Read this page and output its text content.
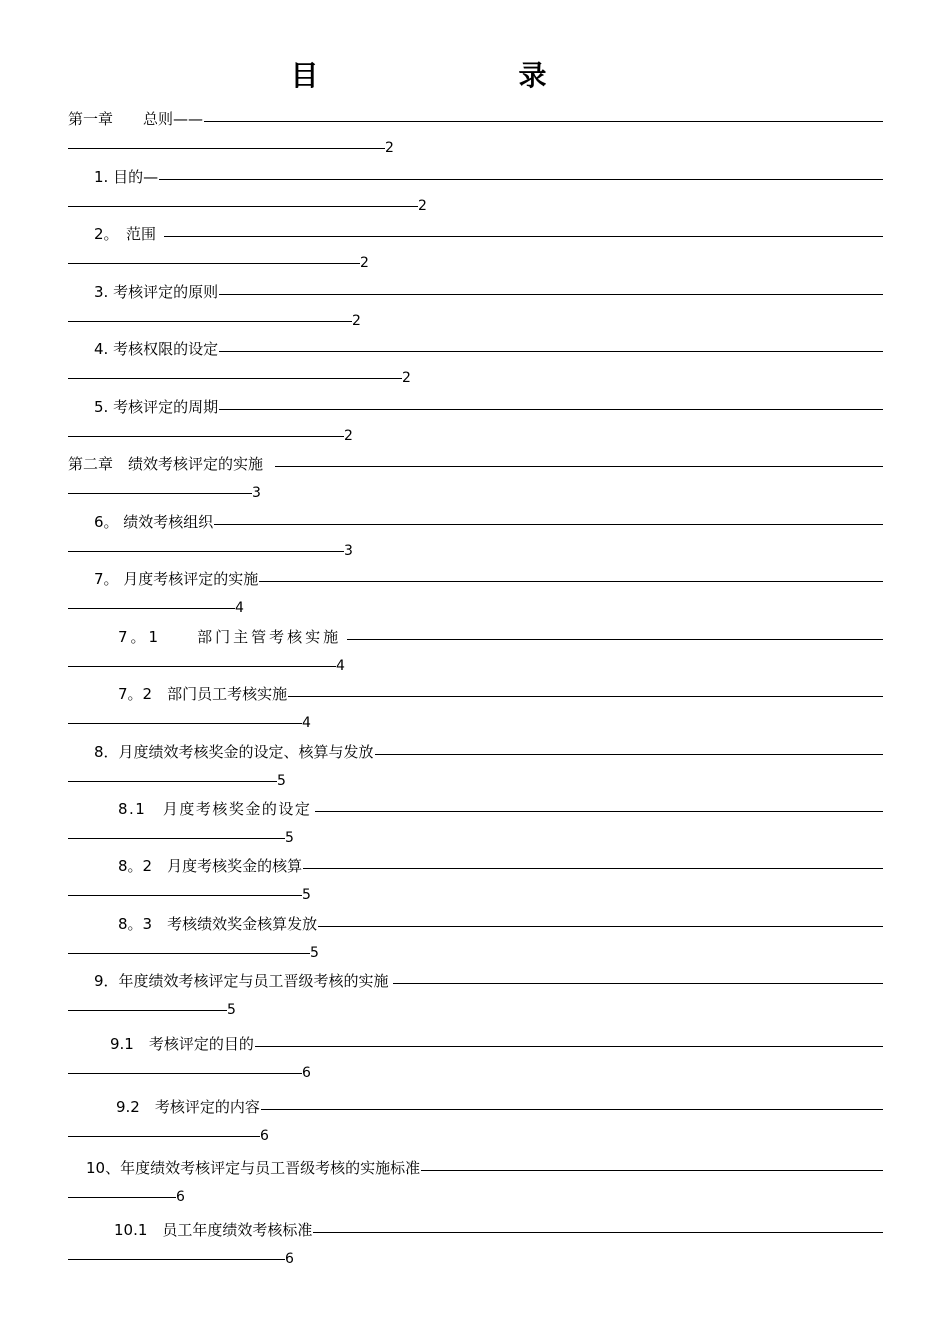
目　　录
第一章　　总则——
2
1. 目的—
2
2。　范围
2
3. 考核评定的原则
2
4. 考核权限的设定
2
5. 考核评定的周期
2
第二章　绩效考核评定的实施
3
6。 绩效考核组织
3
7。 月度考核评定的实施
4
7。1　　部门主管考核实施
4
7。2　部门员工考核实施
4
8．月度绩效考核奖金的设定、核算与发放
5
8.1　月度考核奖金的设定
5
8。2　月度考核奖金的核算
5
8。3　考核绩效奖金核算发放
5
9．年度绩效考核评定与员工晋级考核的实施
5
9.1　考核评定的目的
6
9.2　考核评定的内容
6
10、年度绩效考核评定与员工晋级考核的实施标准
6
10.1　员工年度绩效考核标准
6
